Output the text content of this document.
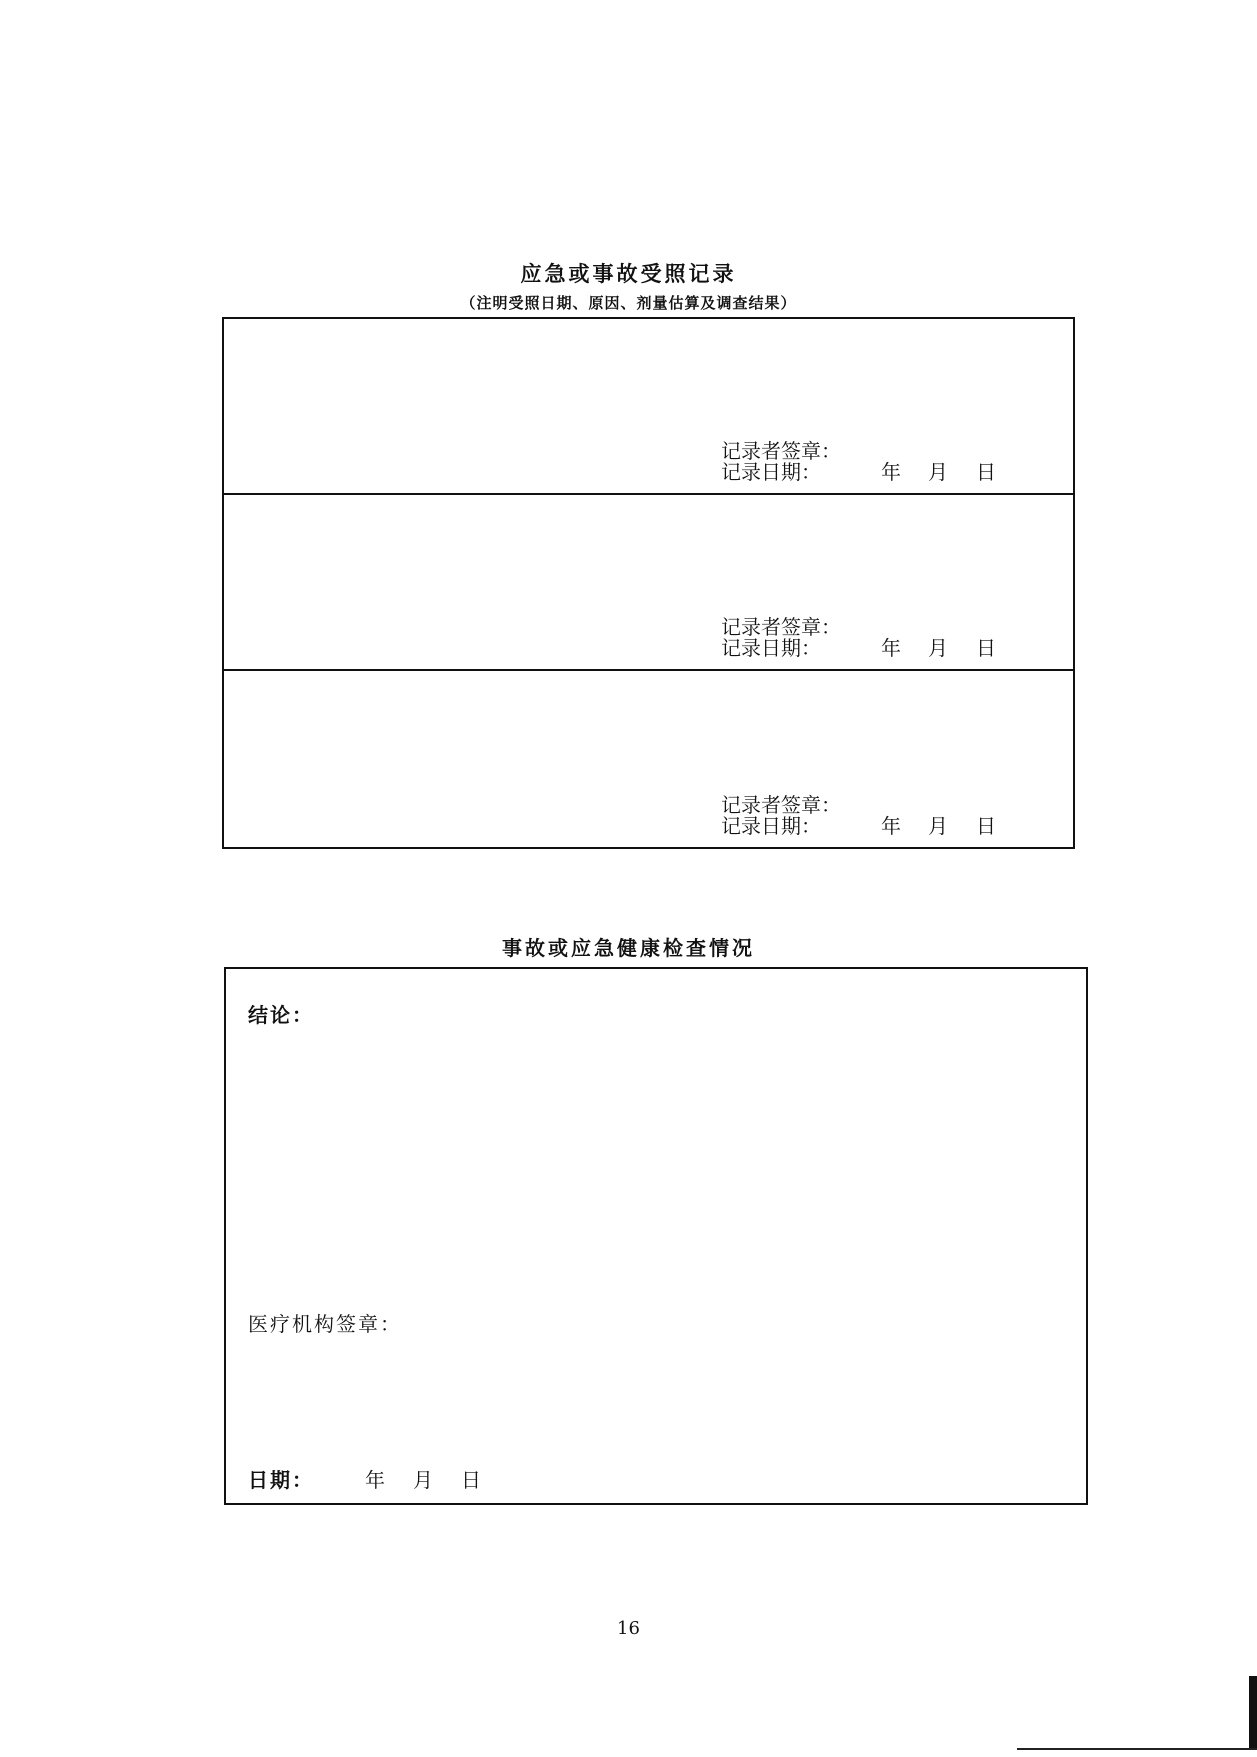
应急或事故受照记录
（注明受照日期、原因、剂量估算及调查结果）
记录者签章：
记录日期：	年 月 日
记录者签章：
记录日期：	年 月 日
记录者签章：
记录日期：	年 月 日
事故或应急健康检查情况
结论：
医疗机构签章：
日期：	年 月 日
16
